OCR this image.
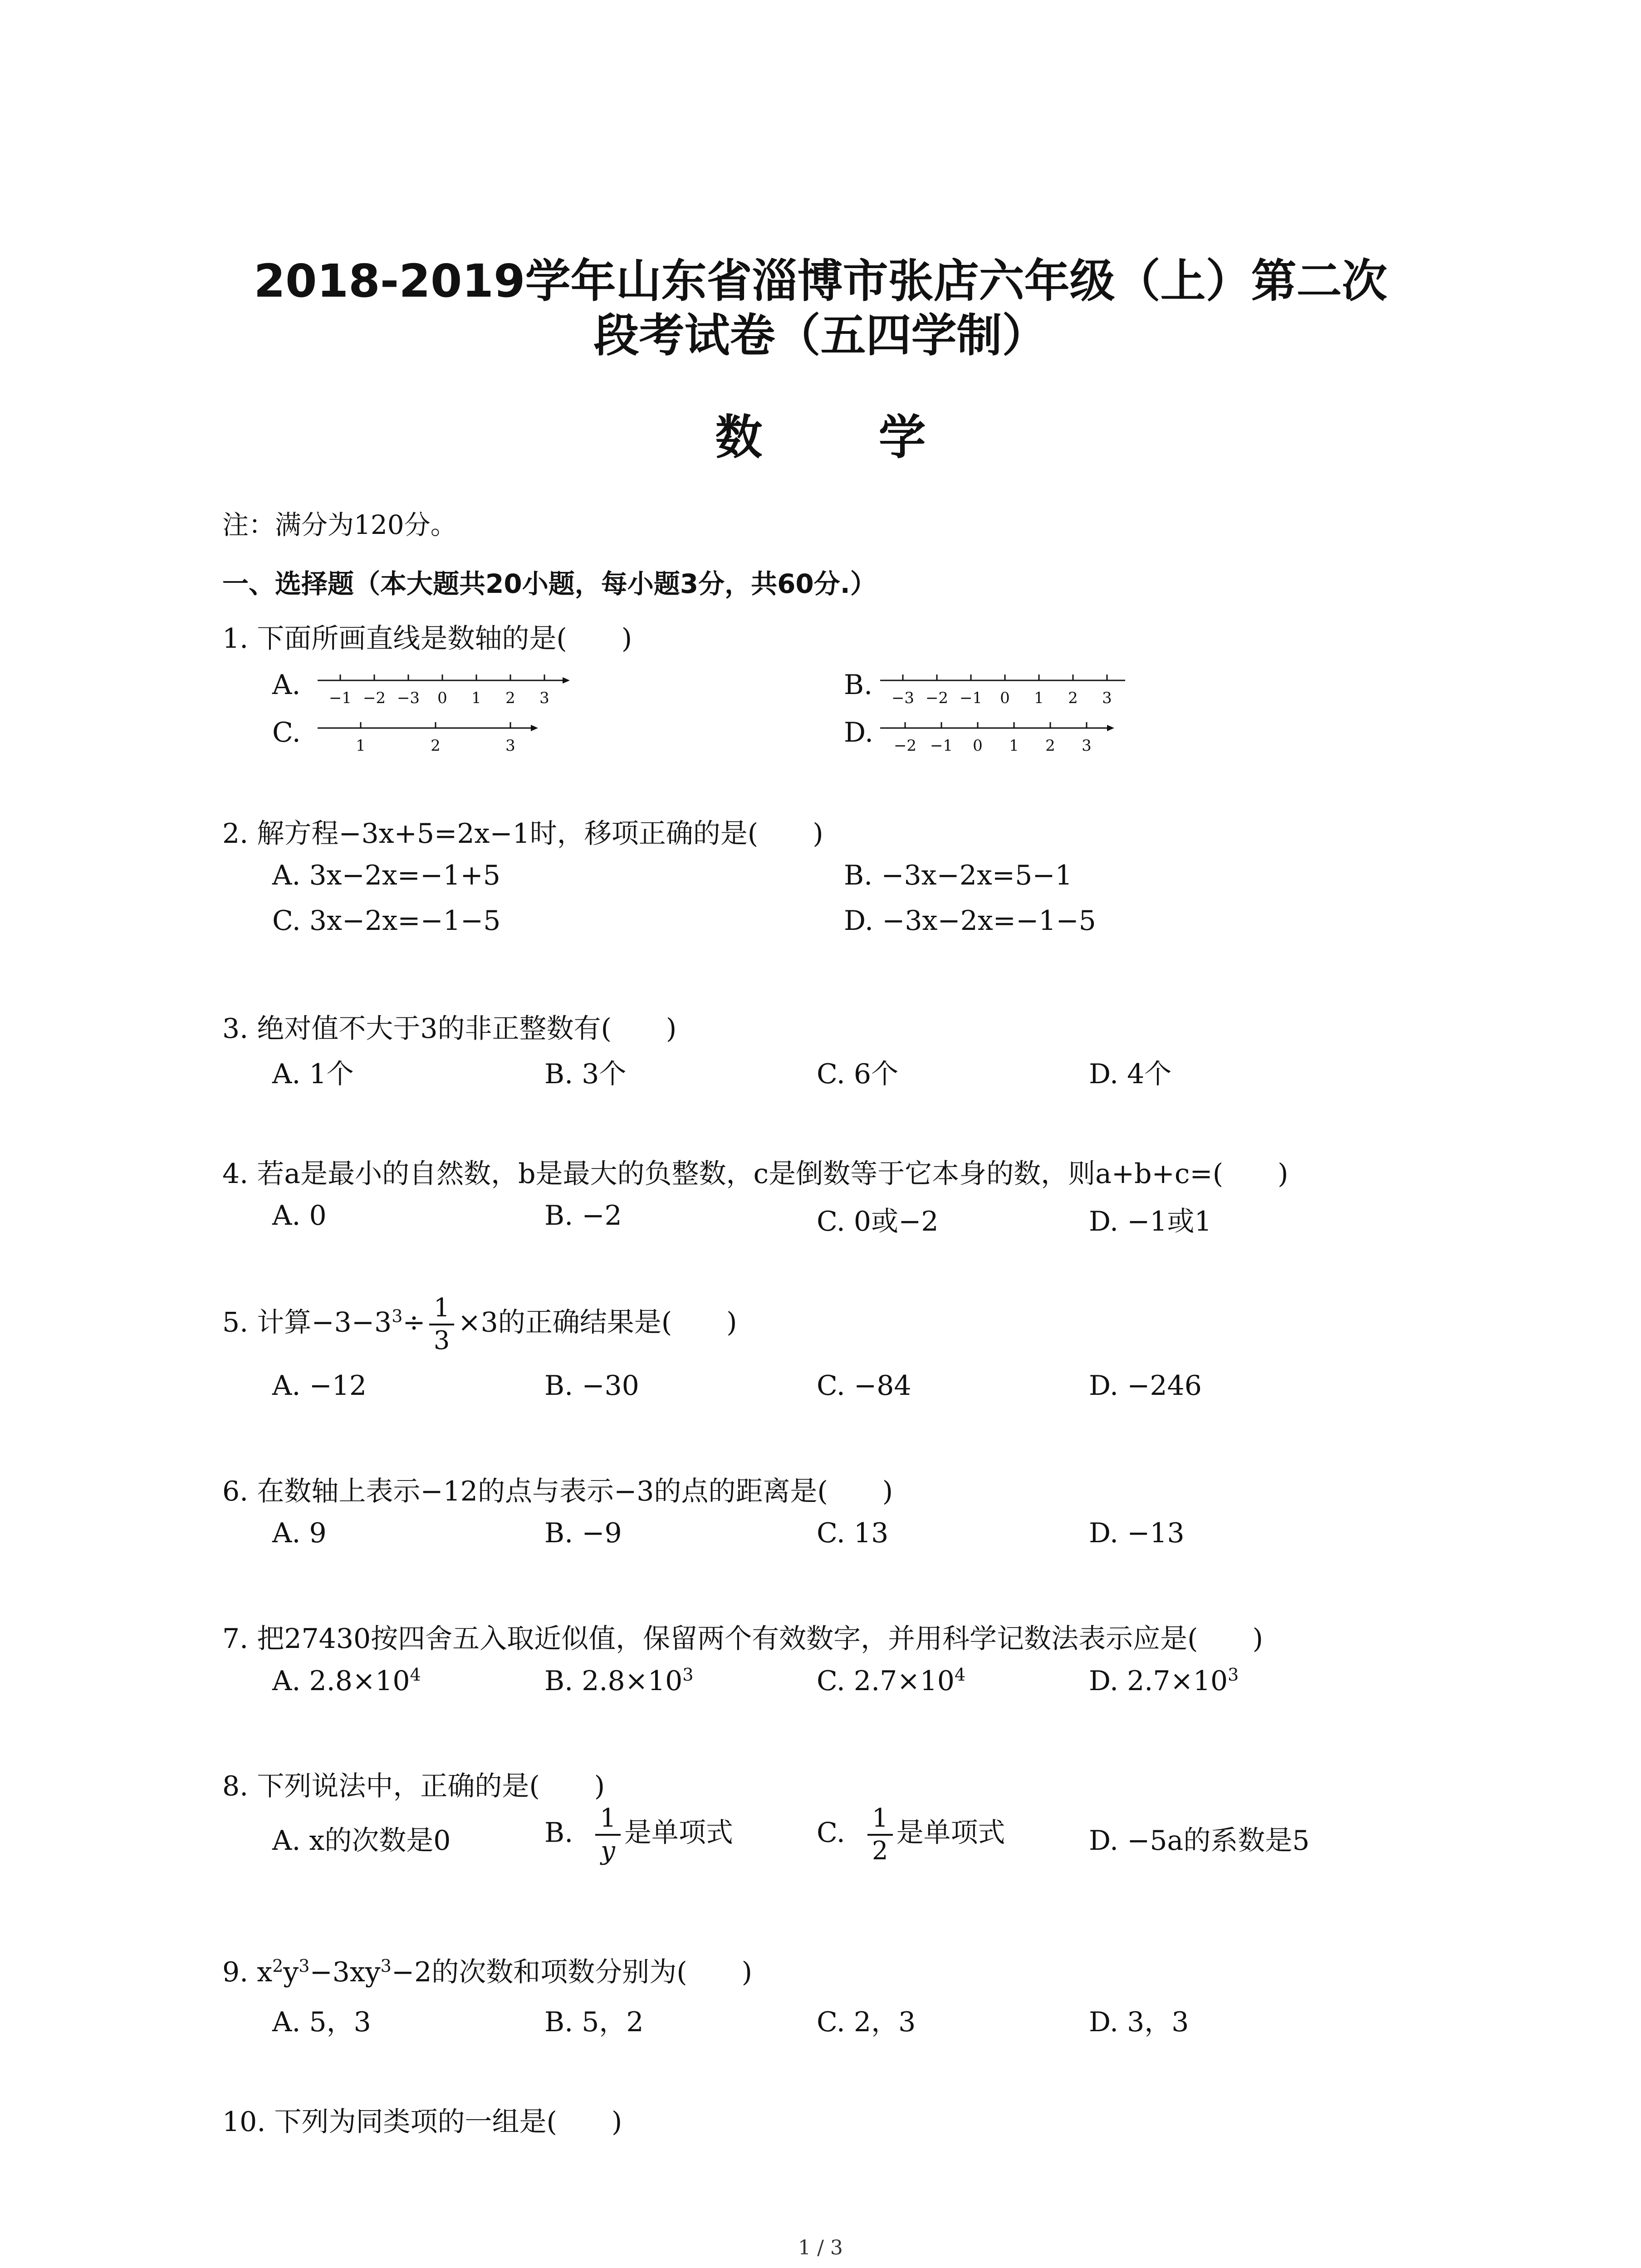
2018-2019学年山东省淄博市张店六年级（上）第二次
段考试卷（五四学制）
数 学
注：满分为120分。
一、选择题（本大题共20小题，每小题3分，共60分.）
1. 下面所画直线是数轴的是(　　)
A. −1 −2 −3 0 1 2 3	B. −3 −2 −1 0 1 2 3
C.	1	2	3	D. −2 −1 0 1 2 3
2. 解方程−3x+5=2x−1时，移项正确的是(　　)
A. 3x−2x=−1+5	B. −3x−2x=5−1
C. 3x−2x=−1−5	D. −3x−2x=−1−5
3. 绝对值不大于3的非正整数有(　　)
A. 1个	B. 3个	C. 6个	D. 4个
4. 若a是最小的自然数，b是最大的负整数，c是倒数等于它本身的数，则a+b+c=(　　)
A. 0	B. −2	C. 0或−2	D. −1或1
5. 计算$-3-3^3\div \frac{1}{3} \times 3$的正确结果是(　　)
A. −12	B. −30	C. −84	D. −246
6. 在数轴上表示−12的点与表示−3的点的距离是(　　)
A. 9	B. −9	C. 13	D. −13
7. 把27430按四舍五入取近似值，保留两个有效数字，并用科学记数法表示应是(　　)
A. $2.8\times 10^4$	B. $2.8\times 10^3$	C. $2.7\times 10^4$	D. $2.7\times 10^3$
8. 下列说法中，正确的是(　　)
A. x的次数是0	B. $\frac{1}{y}$ 是单项式	C. $\frac{1}{2}$ 是单项式	D. −5a的系数是5
9. $x^2y^3-3xy^3-2$的次数和项数分别为(　　)
A. 5，3	B. 5，2	C. 2，3	D. 3，3
10. 下列为同类项的一组是(　　)
1 / 3
